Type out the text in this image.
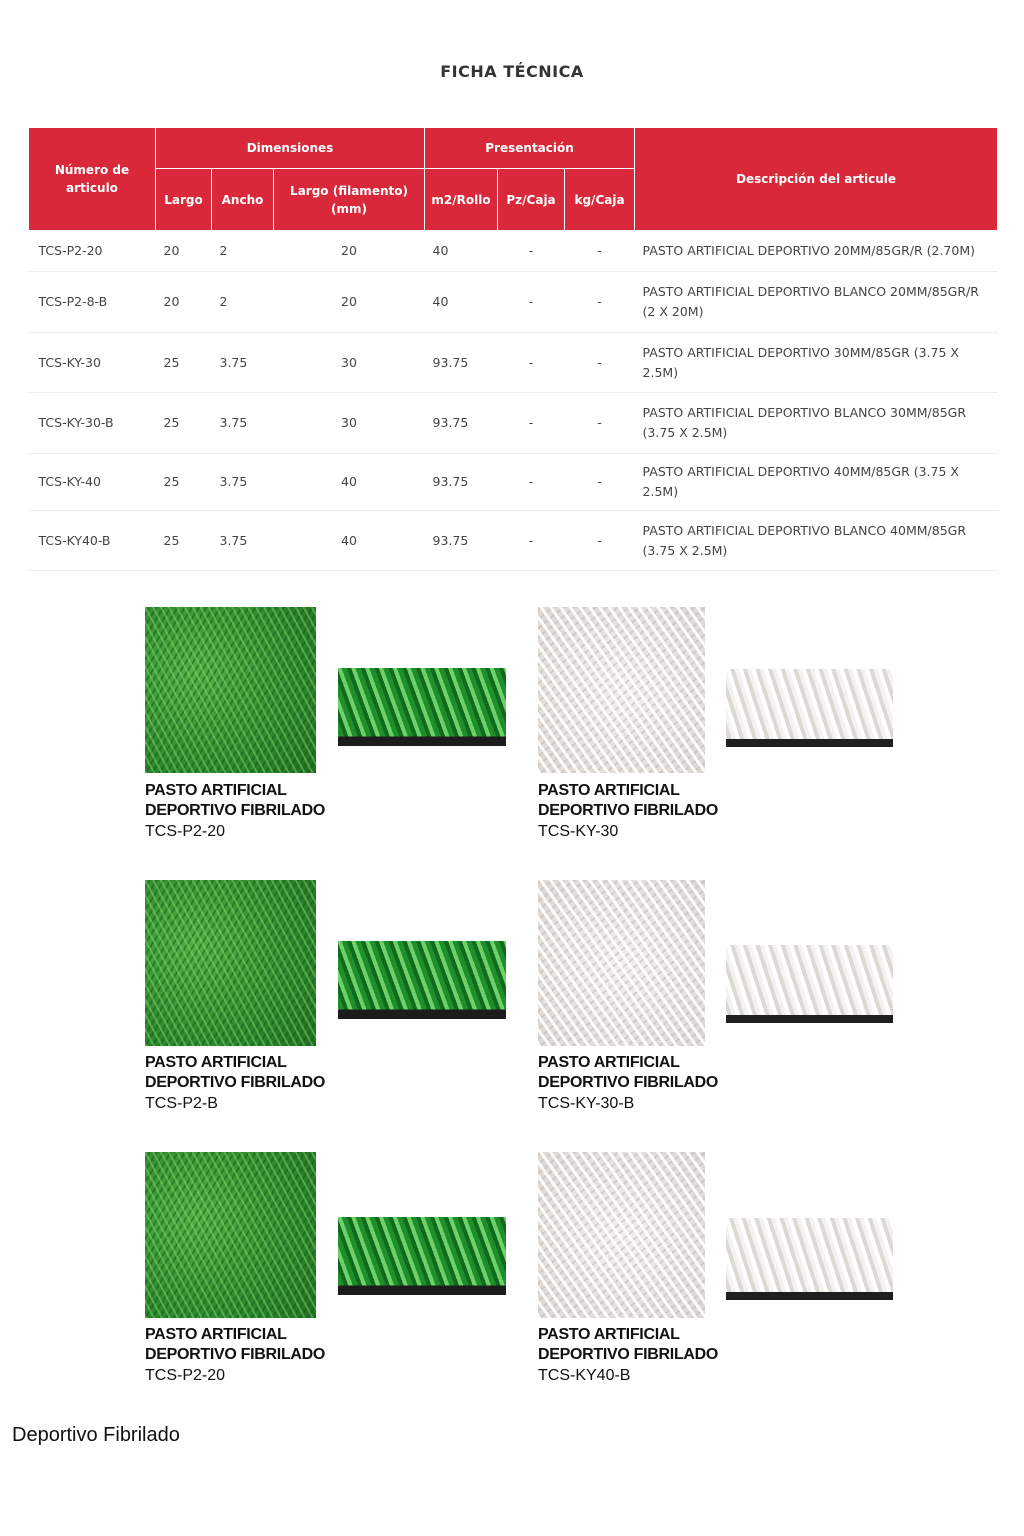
FICHA TÉCNICA
Número de articulo	Dimensiones			Presentación			Descripción del articule
	Largo	Ancho	Largo (filamento)(mm)	m2/Rollo	Pz/Caja	kg/Caja	
TCS-P2-20	20	2	20	40	-	-	PASTO ARTIFICIAL DEPORTIVO 20MM/85GR/R (2.70M)
TCS-P2-8-B	20	2	20	40	-	-	PASTO ARTIFICIAL DEPORTIVO BLANCO 20MM/85GR/R (2 X 20M)
TCS-KY-30	25	3.75	30	93.75	-	-	PASTO ARTIFICIAL DEPORTIVO 30MM/85GR (3.75 X 2.5M)
TCS-KY-30-B	25	3.75	30	93.75	-	-	PASTO ARTIFICIAL DEPORTIVO BLANCO 30MM/85GR (3.75 X 2.5M)
TCS-KY-40	25	3.75	40	93.75	-	-	PASTO ARTIFICIAL DEPORTIVO 40MM/85GR (3.75 X 2.5M)
TCS-KY40-B	25	3.75	40	93.75	-	-	PASTO ARTIFICIAL DEPORTIVO BLANCO 40MM/85GR (3.75 X 2.5M)
PASTO ARTIFICIAL
DEPORTIVO FIBRILADO
TCS-P2-20
PASTO ARTIFICIAL
DEPORTIVO FIBRILADO
TCS-KY-30
PASTO ARTIFICIAL
DEPORTIVO FIBRILADO
TCS-P2-B
PASTO ARTIFICIAL
DEPORTIVO FIBRILADO
TCS-KY-30-B
PASTO ARTIFICIAL
DEPORTIVO FIBRILADO
TCS-P2-20
PASTO ARTIFICIAL
DEPORTIVO FIBRILADO
TCS-KY40-B
Deportivo Fibrilado
